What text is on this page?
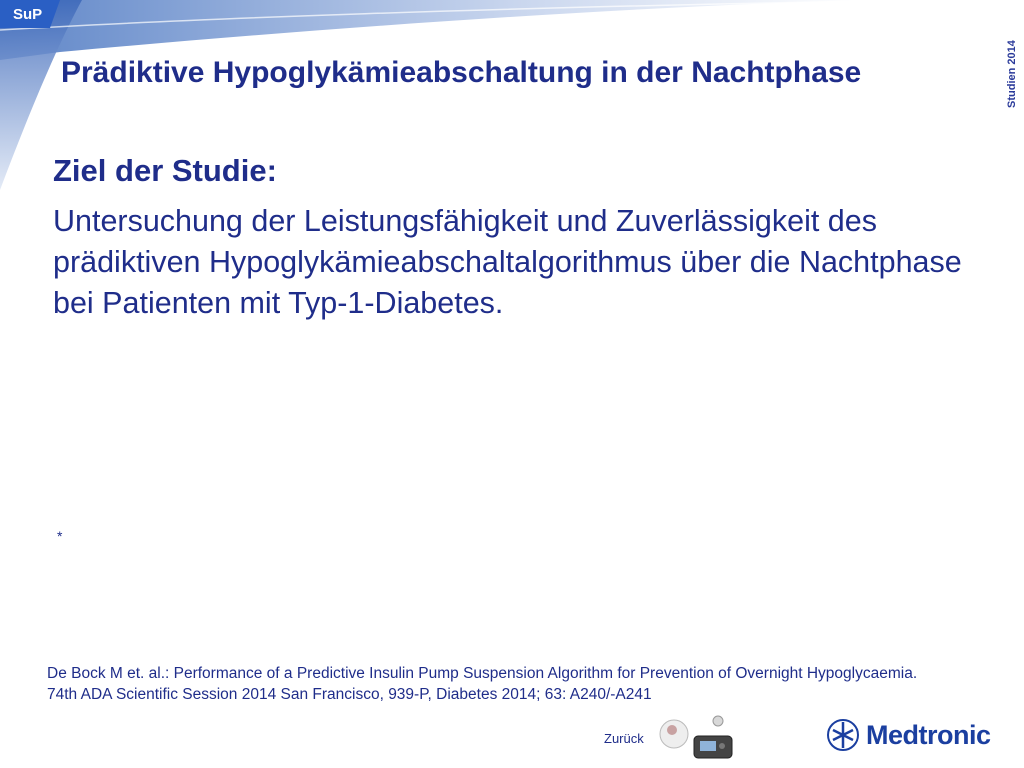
SuP
Studien 2014
Prädiktive Hypoglykämieabschaltung in der Nachtphase
Ziel der Studie:
Untersuchung der Leistungsfähigkeit und Zuverlässigkeit des prädiktiven Hypoglykämieabschaltalgorithmus über die Nachtphase bei Patienten mit Typ-1-Diabetes.
*
De Bock M et. al.: Performance of a Predictive Insulin Pump Suspension Algorithm for Prevention of Overnight Hypoglycaemia. 74th ADA Scientific Session 2014 San Francisco, 939-P, Diabetes 2014; 63: A240/-A241
Zurück	Medtronic
